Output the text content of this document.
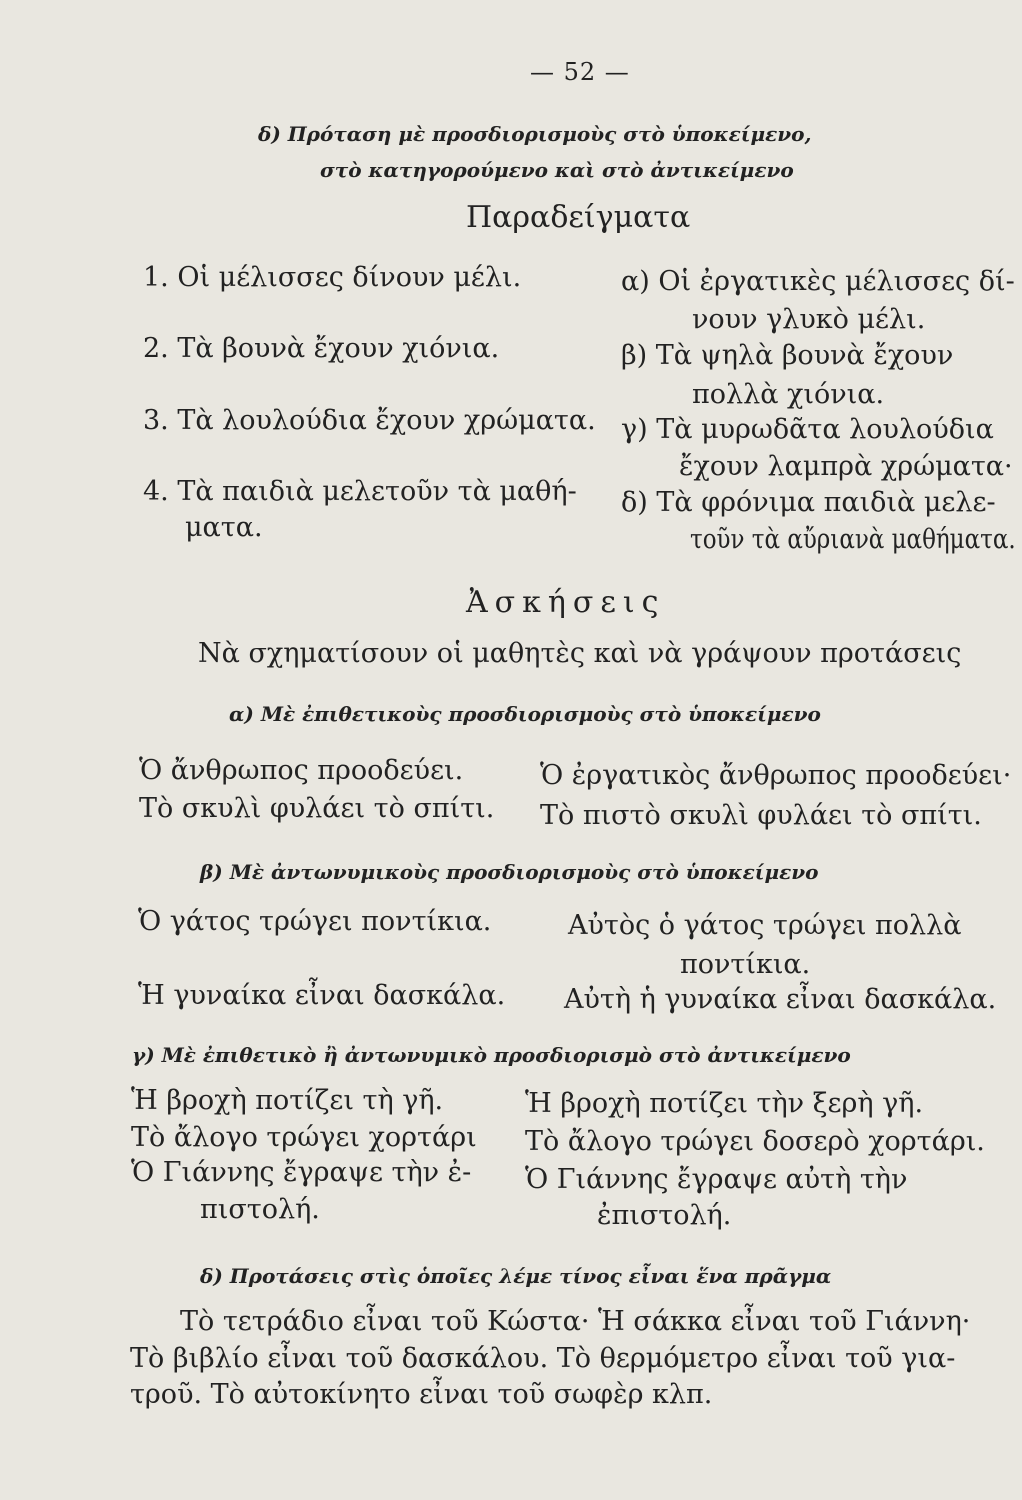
— 52 —
δ) Πρόταση μὲ προσδιορισμοὺς στὸ ὑποκείμενο,
στὸ κατηγορούμενο καὶ στὸ ἀντικείμενο
Παραδείγματα
1. Οἱ μέλισσες δίνουν μέλι.
2. Τὰ βουνὰ ἔχουν χιόνια.
3. Τὰ λουλούδια ἔχουν χρώματα.
4. Τὰ παιδιὰ μελετοῦν τὰ μαθή-
ματα.
α) Οἱ ἐργατικὲς μέλισσες δί-
νουν γλυκὸ μέλι.
β) Τὰ ψηλὰ βουνὰ ἔχουν
πολλὰ χιόνια.
γ) Τὰ μυρωδᾶτα λουλούδια
ἔχουν λαμπρὰ χρώματα·
δ) Τὰ φρόνιμα παιδιὰ μελε-
τοῦν τὰ αὔριανὰ μαθήματα.
Ἀσκήσεις
Νὰ σχηματίσουν οἱ μαθητὲς καὶ νὰ γράψουν προτάσεις
α) Μὲ ἐπιθετικοὺς προσδιορισμοὺς στὸ ὑποκείμενο
Ὁ ἄνθρωπος προοδεύει.
Τὸ σκυλὶ φυλάει τὸ σπίτι.
Ὁ ἐργατικὸς ἄνθρωπος προοδεύει·
Τὸ πιστὸ σκυλὶ φυλάει τὸ σπίτι.
β) Μὲ ἀντωνυμικοὺς προσδιορισμοὺς στὸ ὑποκείμενο
Ὁ γάτος τρώγει ποντίκια.
Ἡ γυναίκα εἶναι δασκάλα.
Αὐτὸς ὁ γάτος τρώγει πολλὰ
ποντίκια.
Αὐτὴ ἡ γυναίκα εἶναι δασκάλα.
γ) Μὲ ἐπιθετικὸ ἢ ἀντωνυμικὸ προσδιορισμὸ στὸ ἀντικείμενο
Ἡ βροχὴ ποτίζει τὴ γῆ.
Τὸ ἄλογο τρώγει χορτάρι
Ὁ Γιάννης ἔγραψε τὴν ἐ-
πιστολή.
Ἡ βροχὴ ποτίζει τὴν ξερὴ γῆ.
Τὸ ἄλογο τρώγει δοσερὸ χορτάρι.
Ὁ Γιάννης ἔγραψε αὐτὴ τὴν
ἐπιστολή.
δ) Προτάσεις στὶς ὁποῖες λέμε τίνος εἶναι ἕνα πρᾶγμα
Τὸ τετράδιο εἶναι τοῦ Κώστα· Ἡ σάκκα εἶναι τοῦ Γιάννη·
Τὸ βιβλίο εἶναι τοῦ δασκάλου. Τὸ θερμόμετρο εἶναι τοῦ για-
τροῦ. Τὸ αὐτοκίνητο εἶναι τοῦ σωφὲρ κλπ.
